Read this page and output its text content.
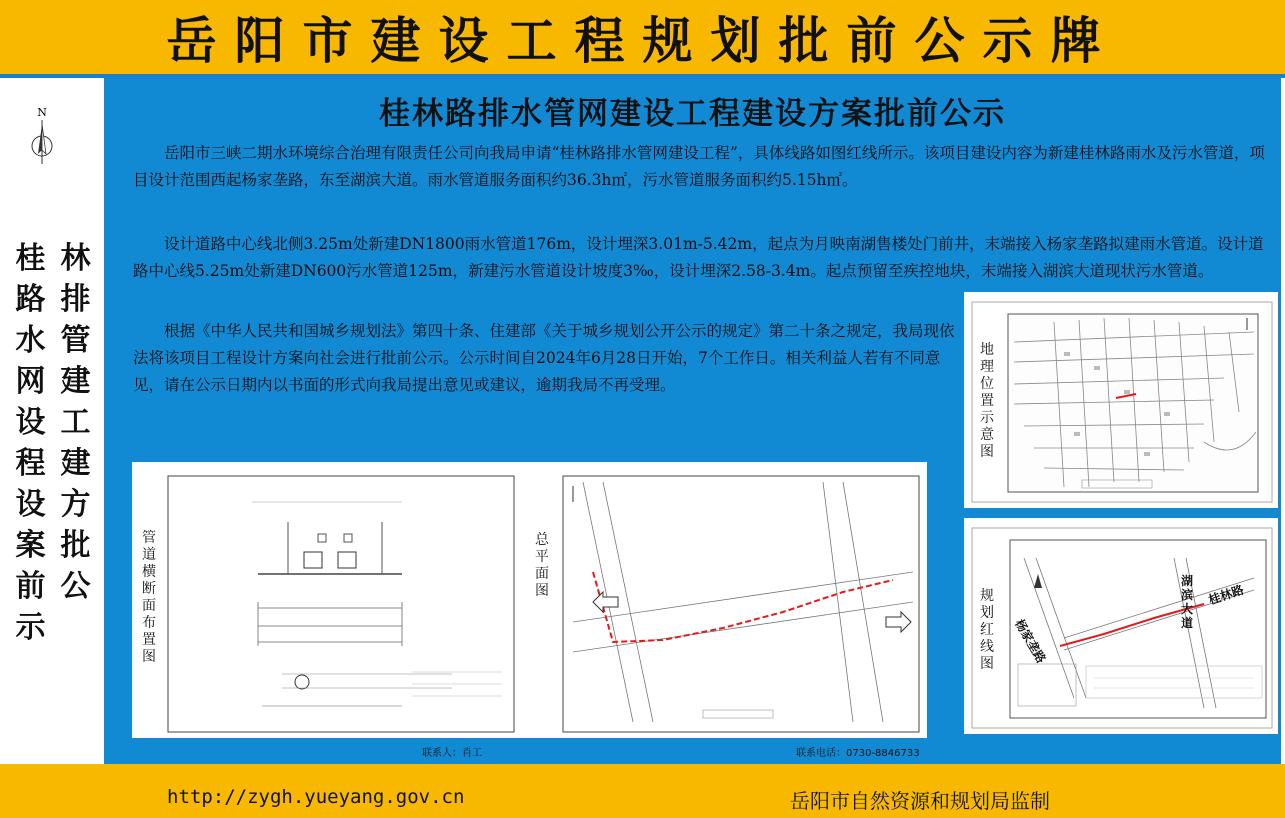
岳阳市建设工程规划批前公示牌
N
桂
路
水
网
设
程
设
案
前
示
林
排
管
建
工
建
方
批
公
桂林路排水管网建设工程建设方案批前公示

岳阳市三峡二期水环境综合治理有限责任公司向我局申请“桂林路排水管网建设工程”，具体线路如图红线所示。该项目建设内容为新建桂林路雨水及污水管道，项目设计范围西起杨家垄路，东至湖滨大道。雨水管道服务面积约36.3h㎡，污水管道服务面积约5.15h㎡。

设计道路中心线北侧3.25m处新建DN1800雨水管道176m，设计埋深3.01m-5.42m，起点为月映南湖售楼处门前井，末端接入杨家垄路拟建雨水管道。设计道路中心线5.25m处新建DN600污水管道125m，新建污水管道设计坡度3‰，设计埋深2.58-3.4m。起点预留至疾控地块，末端接入湖滨大道现状污水管道。

根据《中华人民共和国城乡规划法》第四十条、住建部《关于城乡规划公开公示的规定》第二十条之规定，我局现依法将该项目工程设计方案向社会进行批前公示。公示时间自2024年6月28日开始，7个工作日。相关利益人若有不同意见，请在公示日期内以书面的形式向我局提出意见或建议，逾期我局不再受理。

地
理
位
置
示
意
图
规
划
红
线
图
湖
滨
大
道
桂林路
杨家垄路
管
道
横
断
面
布
置
图
总
平
面
图
联系人：肖工	联系电话：0730-8846733
http://zygh.yueyang.gov.cn	岳阳市自然资源和规划局监制
